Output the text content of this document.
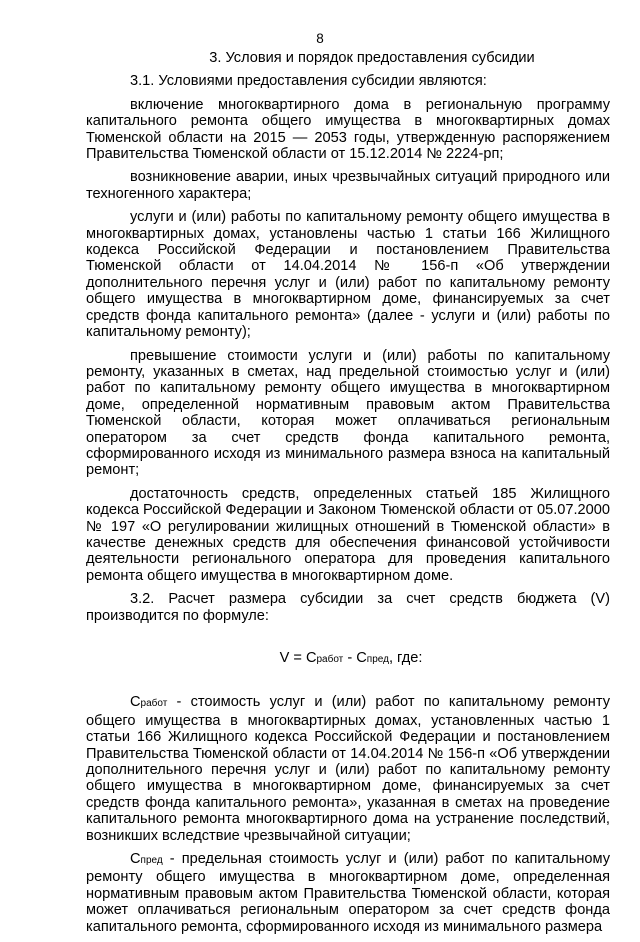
8

3. Условия и порядок предоставления субсидии

3.1. Условиями предоставления субсидии являются:

включение многоквартирного дома в региональную программу капитального ремонта общего имущества в многоквартирных домах Тюменской области на 2015 — 2053 годы, утвержденную распоряжением Правительства Тюменской области от 15.12.2014 № 2224-рп;

возникновение аварии, иных чрезвычайных ситуаций природного или техногенного характера;

услуги и (или) работы по капитальному ремонту общего имущества в многоквартирных домах, установлены частью 1 статьи 166 Жилищного кодекса Российской Федерации и постановлением Правительства Тюменской области от 14.04.2014 № 156-п «Об утверждении дополнительного перечня услуг и (или) работ по капитальному ремонту общего имущества в многоквартирном доме, финансируемых за счет средств фонда капитального ремонта» (далее - услуги и (или) работы по капитальному ремонту);

превышение стоимости услуги и (или) работы по капитальному ремонту, указанных в сметах, над предельной стоимостью услуг и (или) работ по капитальному ремонту общего имущества в многоквартирном доме, определенной нормативным правовым актом Правительства Тюменской области, которая может оплачиваться региональным оператором за счет средств фонда капитального ремонта, сформированного исходя из минимального размера взноса на капитальный ремонт;

достаточность средств, определенных статьей 185 Жилищного кодекса Российской Федерации и Законом Тюменской области от 05.07.2000 № 197 «О регулировании жилищных отношений в Тюменской области» в качестве денежных средств для обеспечения финансовой устойчивости деятельности регионального оператора для проведения капитального ремонта общего имущества в многоквартирном доме.

3.2. Расчет размера субсидии за счет средств бюджета (V) производится по формуле:

V = Cработ - Cпред, где:

Cработ - стоимость услуг и (или) работ по капитальному ремонту общего имущества в многоквартирных домах, установленных частью 1 статьи 166 Жилищного кодекса Российской Федерации и постановлением Правительства Тюменской области от 14.04.2014 № 156-п «Об утверждении дополнительного перечня услуг и (или) работ по капитальному ремонту общего имущества в многоквартирном доме, финансируемых за счет средств фонда капитального ремонта», указанная в сметах на проведение капитального ремонта многоквартирного дома на устранение последствий, возникших вследствие чрезвычайной ситуации;

Cпред - предельная стоимость услуг и (или) работ по капитальному ремонту общего имущества в многоквартирном доме, определенная нормативным правовым актом Правительства Тюменской области, которая может оплачиваться региональным оператором за счет средств фонда капитального ремонта, сформированного исходя из минимального размера
